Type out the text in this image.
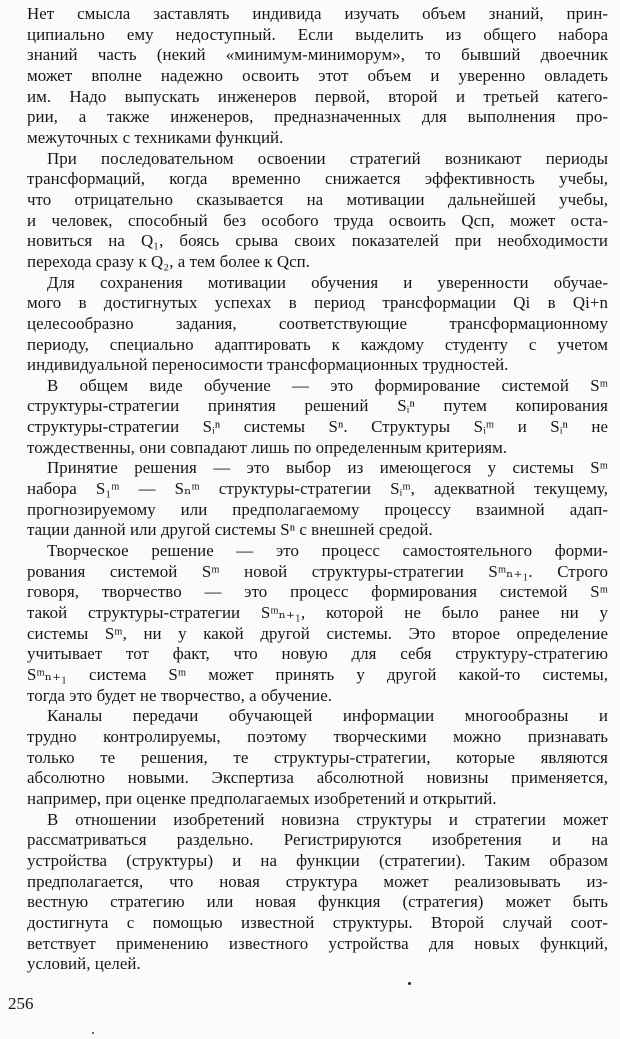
Нет смысла заставлять индивида изучать объем знаний, прин-
ципиально ему недоступный. Если выделить из общего набора
знаний часть (некий «минимум-миниморум», то бывший двоечник
может вполне надежно освоить этот объем и уверенно овладеть
им. Надо выпускать инженеров первой, второй и третьей катего-
рии, а также инженеров, предназначенных для выполнения про-
межуточных с техниками функций.

При последовательном освоении стратегий возникают периоды
трансформаций, когда временно снижается эффективность учебы,
что отрицательно сказывается на мотивации дальнейшей учебы,
и человек, способный без особого труда освоить Qсп, может оста-
новиться на Q₁, боясь срыва своих показателей при необходимости
перехода сразу к Q₂, а тем более к Qсп.

Для сохранения мотивации обучения и уверенности обучае-
мого в достигнутых успехах в период трансформации Qi в Qi+n
целесообразно задания, соответствующие трансформационному
периоду, специально адаптировать к каждому студенту с учетом
индивидуальной переносимости трансформационных трудностей.

В общем виде обучение — это формирование системой Sᵐ
структуры-стратегии принятия решений Sᵢⁿ путем копирования
структуры-стратегии Sᵢⁿ системы Sⁿ. Структуры Sᵢᵐ и Sᵢⁿ не
тождественны, они совпадают лишь по определенным критериям.

Принятие решения — это выбор из имеющегося у системы Sᵐ
набора S₁ᵐ — Sₙᵐ структуры-стратегии Sᵢᵐ, адекватной текущему,
прогнозируемому или предполагаемому процессу взаимной адап-
тации данной или другой системы Sⁿ с внешней средой.

Творческое решение — это процесс самостоятельного форми-
рования системой Sᵐ новой структуры-стратегии Sᵐₙ₊₁. Строго
говоря, творчество — это процесс формирования системой Sᵐ
такой структуры-стратегии Sᵐₙ₊₁, которой не было ранее ни у
системы Sᵐ, ни у какой другой системы. Это второе определение
учитывает тот факт, что новую для себя структуру-стратегию
Sᵐₙ₊₁ система Sᵐ может принять у другой какой-то системы,
тогда это будет не творчество, а обучение.

Каналы передачи обучающей информации многообразны и
трудно контролируемы, поэтому творческими можно признавать
только те решения, те структуры-стратегии, которые являются
абсолютно новыми. Экспертиза абсолютной новизны применяется,
например, при оценке предполагаемых изобретений и открытий.

В отношении изобретений новизна структуры и стратегии может
рассматриваться раздельно. Регистрируются изобретения и на
устройства (структуры) и на функции (стратегии). Таким образом
предполагается, что новая структура может реализовывать из-
вестную стратегию или новая функция (стратегия) может быть
достигнута с помощью известной структуры. Второй случай соот-
ветствует применению известного устройства для новых функций,
условий, целей.

256
